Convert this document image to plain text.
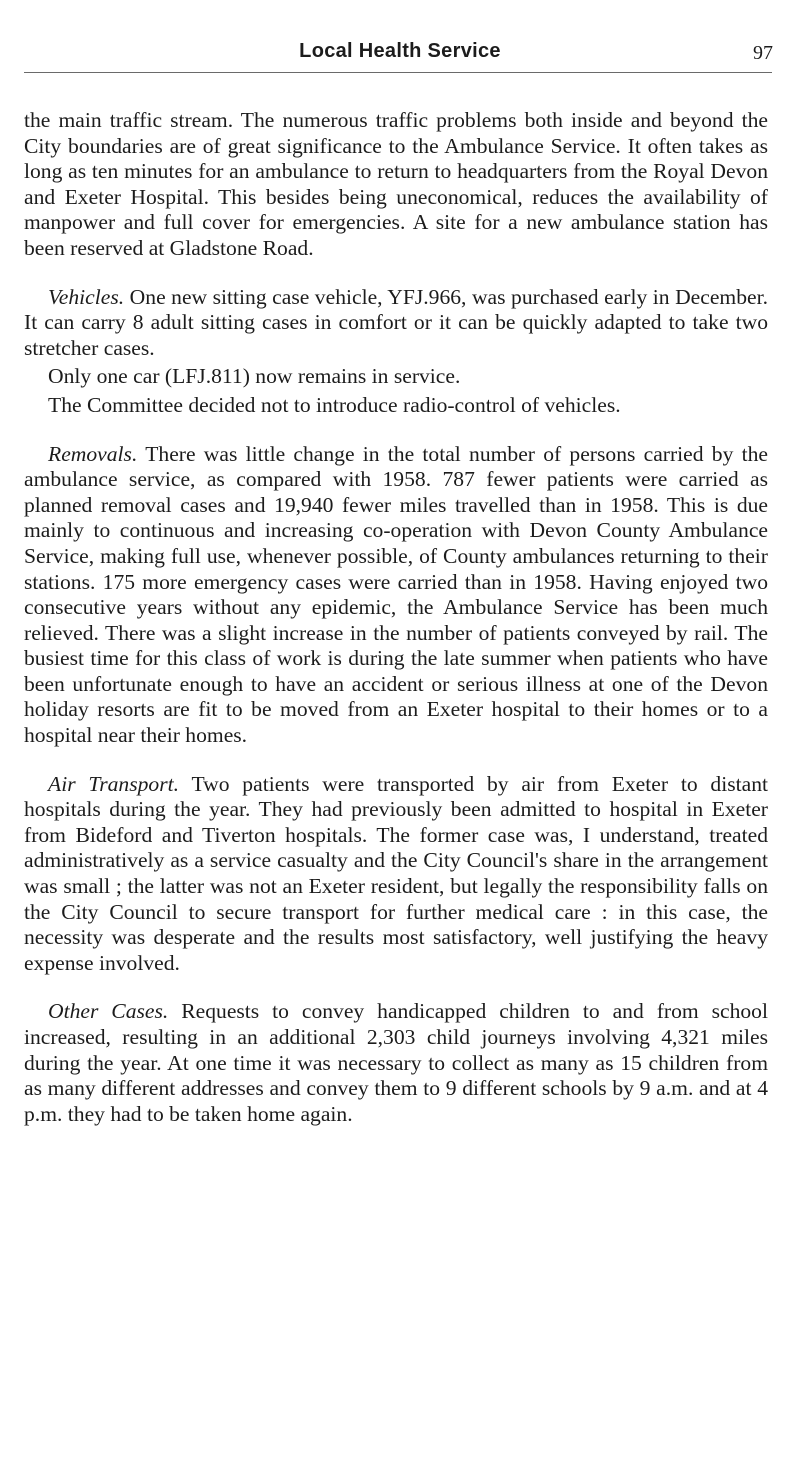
Local Health Service	97

the main traffic stream. The numerous traffic problems both inside and beyond the City boundaries are of great significance to the Ambulance Service. It often takes as long as ten minutes for an ambulance to return to headquarters from the Royal Devon and Exeter Hospital. This besides being uneconomical, reduces the availability of manpower and full cover for emergencies. A site for a new ambulance station has been reserved at Gladstone Road.

Vehicles. One new sitting case vehicle, YFJ.966, was purchased early in December. It can carry 8 adult sitting cases in comfort or it can be quickly adapted to take two stretcher cases.

Only one car (LFJ.811) now remains in service.

The Committee decided not to introduce radio-control of vehicles.

Removals. There was little change in the total number of persons carried by the ambulance service, as compared with 1958. 787 fewer patients were carried as planned removal cases and 19,940 fewer miles travelled than in 1958. This is due mainly to continuous and increasing co-operation with Devon County Ambulance Service, making full use, whenever possible, of County ambulances returning to their stations. 175 more emergency cases were carried than in 1958. Having enjoyed two consecutive years without any epidemic, the Ambulance Service has been much relieved. There was a slight increase in the number of patients conveyed by rail. The busiest time for this class of work is during the late summer when patients who have been unfortunate enough to have an accident or serious illness at one of the Devon holiday resorts are fit to be moved from an Exeter hospital to their homes or to a hospital near their homes.

Air Transport. Two patients were transported by air from Exeter to distant hospitals during the year. They had previously been admitted to hospital in Exeter from Bideford and Tiverton hospitals. The former case was, I understand, treated administratively as a service casualty and the City Council's share in the arrangement was small ; the latter was not an Exeter resident, but legally the responsibility falls on the City Council to secure transport for further medical care : in this case, the necessity was desperate and the results most satisfactory, well justifying the heavy expense involved.

Other Cases. Requests to convey handicapped children to and from school increased, resulting in an additional 2,303 child journeys involving 4,321 miles during the year. At one time it was necessary to collect as many as 15 children from as many different addresses and convey them to 9 different schools by 9 a.m. and at 4 p.m. they had to be taken home again.
